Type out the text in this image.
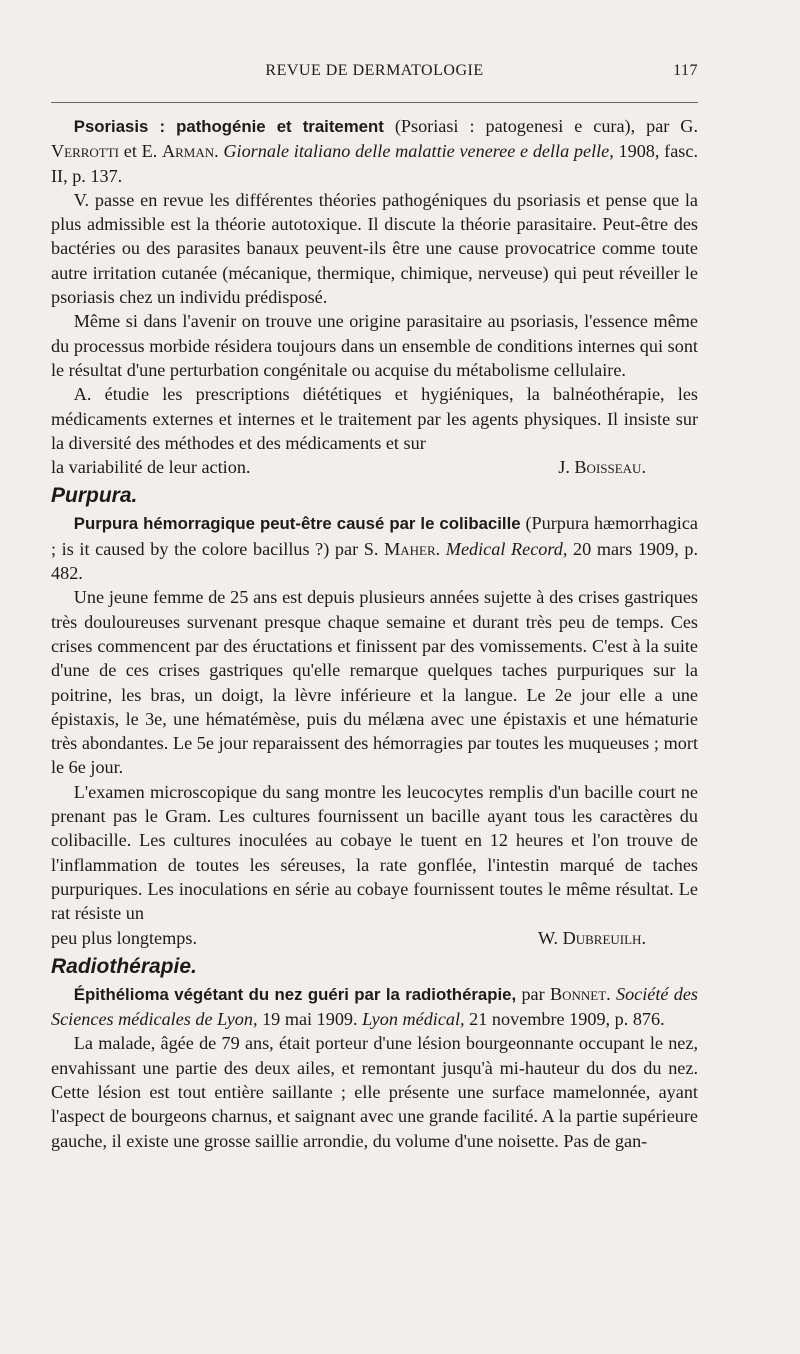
REVUE DE DERMATOLOGIE	117

Psoriasis : pathogénie et traitement (Psoriasi : patogenesi e cura), par G. Verrotti et E. Arman. Giornale italiano delle malattie veneree e della pelle, 1908, fasc. II, p. 137.

V. passe en revue les différentes théories pathogéniques du psoriasis et pense que la plus admissible est la théorie autotoxique. Il discute la théorie parasitaire. Peut-être des bactéries ou des parasites banaux peuvent-ils être une cause provocatrice comme toute autre irritation cutanée (mécanique, thermique, chimique, nerveuse) qui peut réveiller le psoriasis chez un individu prédisposé.

Même si dans l'avenir on trouve une origine parasitaire au psoriasis, l'essence même du processus morbide résidera toujours dans un ensemble de conditions internes qui sont le résultat d'une perturbation congénitale ou acquise du métabolisme cellulaire.

A. étudie les prescriptions diététiques et hygiéniques, la balnéothérapie, les médicaments externes et internes et le traitement par les agents physiques. Il insiste sur la diversité des méthodes et des médicaments et sur

la variabilité de leur action.	J. Boisseau.
Purpura.

Purpura hémorragique peut-être causé par le colibacille (Purpura hæmorrhagica ; is it caused by the colore bacillus ?) par S. Maher. Medical Record, 20 mars 1909, p. 482.

Une jeune femme de 25 ans est depuis plusieurs années sujette à des crises gastriques très douloureuses survenant presque chaque semaine et durant très peu de temps. Ces crises commencent par des éructations et finissent par des vomissements. C'est à la suite d'une de ces crises gastriques qu'elle remarque quelques taches purpuriques sur la poitrine, les bras, un doigt, la lèvre inférieure et la langue. Le 2e jour elle a une épistaxis, le 3e, une hématémèse, puis du mélæna avec une épistaxis et une hématurie très abondantes. Le 5e jour reparaissent des hémorragies par toutes les muqueuses ; mort le 6e jour.

L'examen microscopique du sang montre les leucocytes remplis d'un bacille court ne prenant pas le Gram. Les cultures fournissent un bacille ayant tous les caractères du colibacille. Les cultures inoculées au cobaye le tuent en 12 heures et l'on trouve de l'inflammation de toutes les séreuses, la rate gonflée, l'intestin marqué de taches purpuriques. Les inoculations en série au cobaye fournissent toutes le même résultat. Le rat résiste un

peu plus longtemps.	W. Dubreuilh.
Radiothérapie.

Épithélioma végétant du nez guéri par la radiothérapie, par Bonnet. Société des Sciences médicales de Lyon, 19 mai 1909. Lyon médical, 21 novembre 1909, p. 876.

La malade, âgée de 79 ans, était porteur d'une lésion bourgeonnante occupant le nez, envahissant une partie des deux ailes, et remontant jusqu'à mi-hauteur du dos du nez. Cette lésion est tout entière saillante ; elle présente une surface mamelonnée, ayant l'aspect de bourgeons charnus, et saignant avec une grande facilité. A la partie supérieure gauche, il existe une grosse saillie arrondie, du volume d'une noisette. Pas de gan-
